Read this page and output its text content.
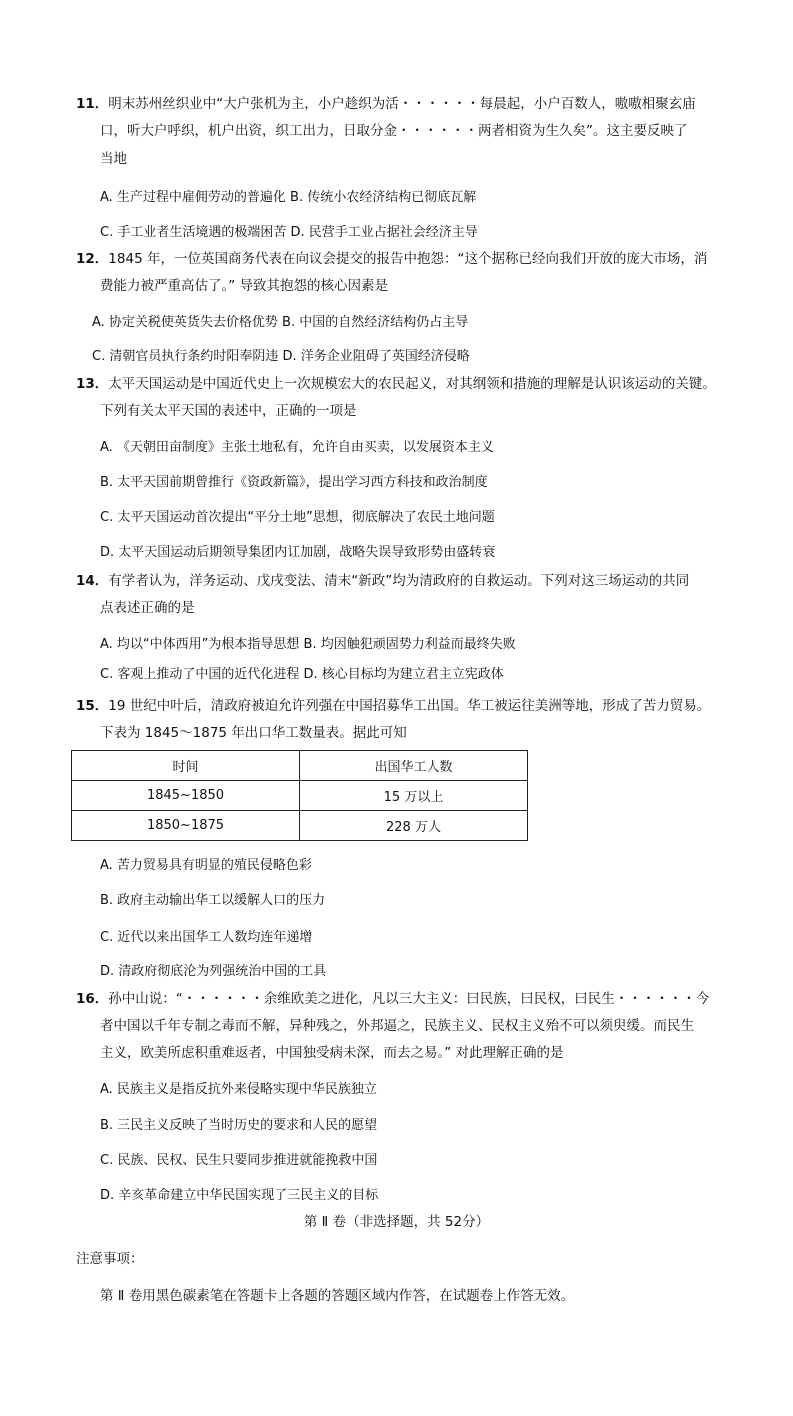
11．明末苏州丝织业中“大户张机为主，小户趁织为活・・・・・・每晨起，小户百数人，嗷嗷相聚玄庙
口，听大户呼织，机户出资，织工出力，日取分金・・・・・・两者相资为生久矣”。这主要反映了
当地
A. 生产过程中雇佣劳动的普遍化 B. 传统小农经济结构已彻底瓦解
C. 手工业者生活境遇的极端困苦 D. 民营手工业占据社会经济主导
12．1845 年，一位英国商务代表在向议会提交的报告中抱怨：“这个据称已经向我们开放的庞大市场，消
费能力被严重高估了。” 导致其抱怨的核心因素是
A. 协定关税使英货失去价格优势 B. 中国的自然经济结构仍占主导
C. 清朝官员执行条约时阳奉阴违 D. 洋务企业阻碍了英国经济侵略
13．太平天国运动是中国近代史上一次规模宏大的农民起义，对其纲领和措施的理解是认识该运动的关键。
下列有关太平天国的表述中，正确的一项是
A. 《天朝田亩制度》主张土地私有，允许自由买卖，以发展资本主义
B. 太平天国前期曾推行《资政新篇》，提出学习西方科技和政治制度
C. 太平天国运动首次提出“平分土地”思想，彻底解决了农民土地问题
D. 太平天国运动后期领导集团内讧加剧，战略失误导致形势由盛转衰
14．有学者认为，洋务运动、戊戌变法、清末“新政”均为清政府的自救运动。下列对这三场运动的共同
点表述正确的是
A. 均以“中体西用”为根本指导思想 B. 均因触犯顽固势力利益而最终失败
C. 客观上推动了中国的近代化进程 D. 核心目标均为建立君主立宪政体
15．19 世纪中叶后，清政府被迫允许列强在中国招募华工出国。华工被运往美洲等地，形成了苦力贸易。
下表为 1845～1875 年出口华工数量表。据此可知
时间	出国华工人数
1845~1850	15 万以上
1850~1875	228 万人
A. 苦力贸易具有明显的殖民侵略色彩
B. 政府主动输出华工以缓解人口的压力
C. 近代以来出国华工人数均连年递增
D. 清政府彻底沦为列强统治中国的工具
16．孙中山说：“・・・・・・余维欧美之进化，凡以三大主义：曰民族，曰民权，曰民生・・・・・・今
者中国以千年专制之毒而不解，异种残之，外邦逼之，民族主义、民权主义殆不可以须臾缓。而民生
主义，欧美所虑积重难返者，中国独受病未深，而去之易。” 对此理解正确的是
A. 民族主义是指反抗外来侵略实现中华民族独立
B. 三民主义反映了当时历史的要求和人民的愿望
C. 民族、民权、民生只要同步推进就能挽救中国
D. 辛亥革命建立中华民国实现了三民主义的目标
第 Ⅱ 卷（非选择题，共 52分）
注意事项：
第 Ⅱ 卷用黑色碳素笔在答题卡上各题的答题区域内作答，在试题卷上作答无效。
